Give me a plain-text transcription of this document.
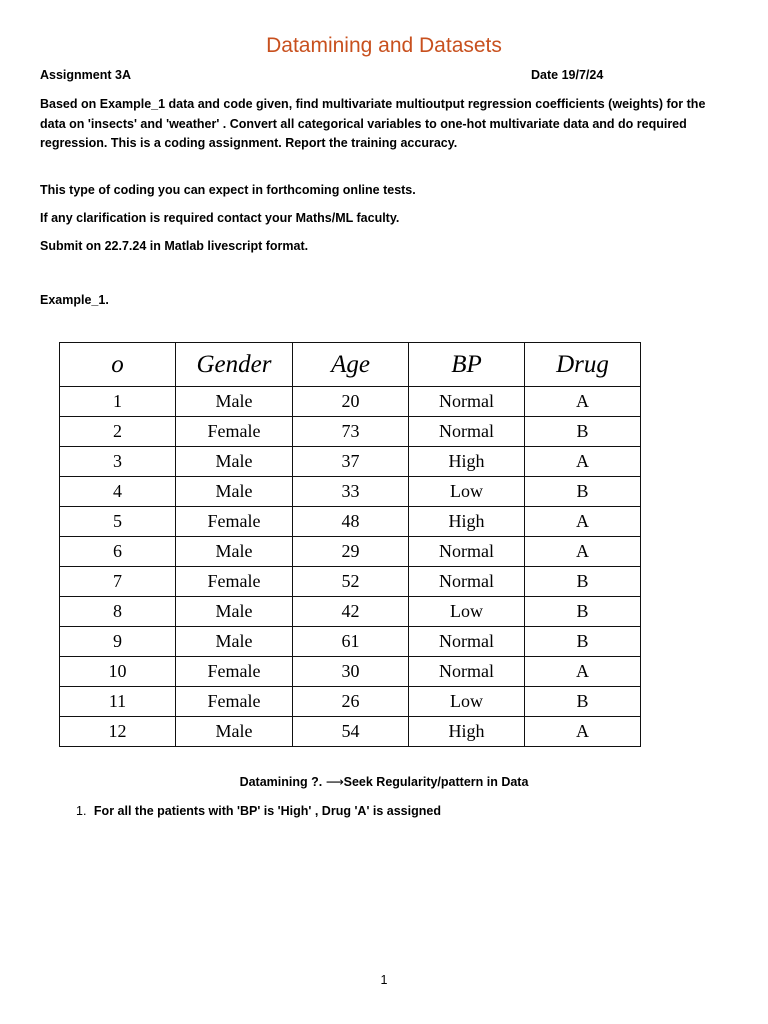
Datamining and Datasets
Assignment 3A	Date 19/7/24
Based on Example_1 data and code given, find multivariate multioutput regression coefficients (weights) for the data on 'insects' and 'weather' . Convert all categorical variables to one-hot multivariate data and do required regression. This is a coding assignment. Report the training accuracy.
This type of coding you can expect in forthcoming online tests.
If any clarification is required contact your Maths/ML faculty.
Submit on 22.7.24 in Matlab livescript format.
Example_1.
o	Gender	Age	BP	Drug
1	Male	20	Normal	A
2	Female	73	Normal	B
3	Male	37	High	A
4	Male	33	Low	B
5	Female	48	High	A
6	Male	29	Normal	A
7	Female	52	Normal	B
8	Male	42	Low	B
9	Male	61	Normal	B
10	Female	30	Normal	A
11	Female	26	Low	B
12	Male	54	High	A
Datamining ?. ⟶Seek Regularity/pattern in Data
1. For all the patients with 'BP' is 'High' , Drug 'A' is assigned
1
